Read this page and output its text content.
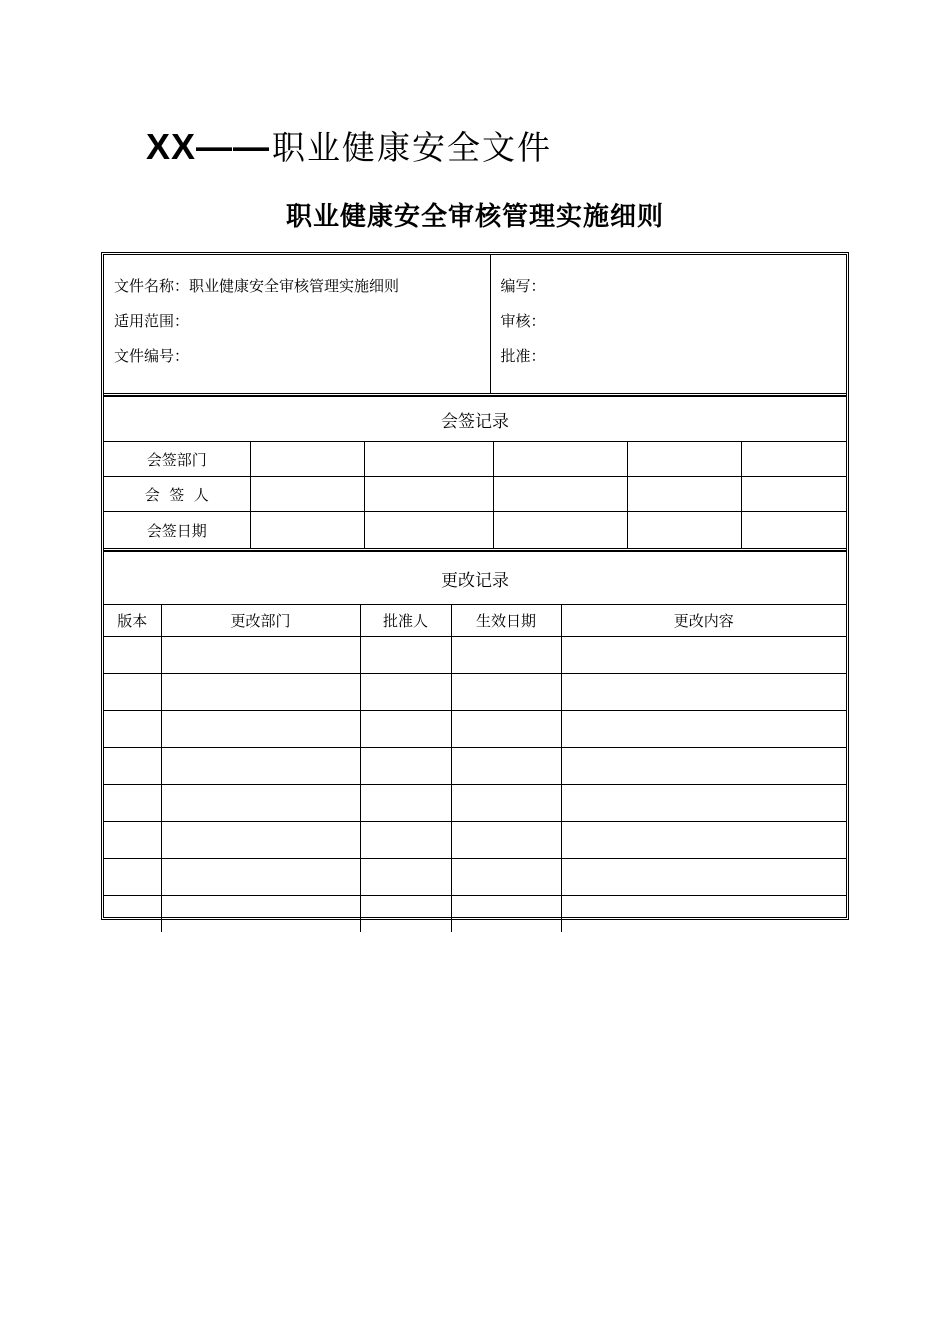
XX—— 职业健康安全文件
职业健康安全审核管理实施细则
文件名称：职业健康安全审核管理实施细则
适用范围：
文件编号：

编写：
审核：
批准：
会签记录					
会签部门					
会  签  人					
会签日期					
更改记录				
版本	更改部门	批准人	生效日期	更改内容
